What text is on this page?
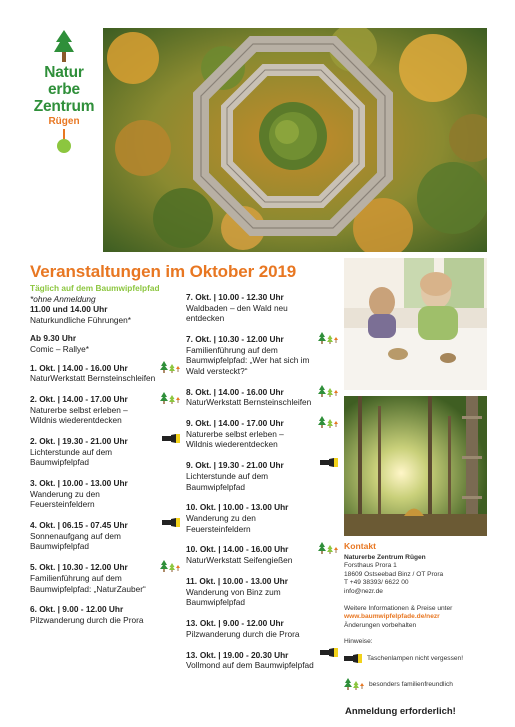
Natur
erbe
Zentrum
Rügen
Veranstaltungen im Oktober 2019

Täglich auf dem Baumwipfelpfad

*ohne Anmeldung

11.00 und 14.00 Uhr

Naturkundliche Führungen*

Ab 9.30 Uhr

Comic – Rallye*

1. Okt. | 14.00 - 16.00 Uhr
NaturWerkstatt Bernsteinschleifen
2. Okt. | 14.00 - 17.00 Uhr
Naturerbe selbst erleben –
Wildnis wiederentdecken
2. Okt. | 19.30 - 21.00 Uhr
Lichterstunde auf dem
Baumwipfelpfad
3. Okt. | 10.00 - 13.00 Uhr
Wanderung zu den
Feuersteinfeldern
4. Okt. | 06.15 - 07.45 Uhr
Sonnenaufgang auf dem
Baumwipfelpfad
5. Okt. | 10.30 - 12.00 Uhr
Familienführung auf dem
Baumwipfelpfad: „NaturZauber“
6. Okt. | 9.00 - 12.00 Uhr
Pilzwanderung durch die Prora
7. Okt. | 10.00 - 12.30 Uhr
Waldbaden – den Wald neu
entdecken
7. Okt. | 10.30 - 12.00 Uhr
Familienführung auf dem
Baumwipfelpfad: „Wer hat sich im
Wald versteckt?“
8. Okt. | 14.00 - 16.00 Uhr
NaturWerkstatt Bernsteinschleifen
9. Okt. | 14.00 - 17.00 Uhr
Naturerbe selbst erleben –
Wildnis wiederentdecken
9. Okt. | 19.30 - 21.00 Uhr
Lichterstunde auf dem
Baumwipfelpfad
10. Okt. | 10.00 - 13.00 Uhr
Wanderung zu den
Feuersteinfeldern
10. Okt. | 14.00 - 16.00 Uhr
NaturWerkstatt Seifengießen
11. Okt. | 10.00 - 13.00 Uhr
Wanderung von Binz zum
Baumwipfelpfad
13. Okt. | 9.00 - 12.00 Uhr
Pilzwanderung durch die Prora
13. Okt. | 19.00 - 20.30 Uhr
Vollmond auf dem Baumwipfelpfad
Kontakt
Naturerbe Zentrum Rügen
Forsthaus Prora 1
18609 Ostseebad Binz / OT Prora
T +49 38393/ 6622 00
info@nezr.de
Weitere Informationen & Preise unter
www.baumwipfelpfade.de/nezr
Änderungen vorbehalten
Hinweise:
Taschenlampen nicht vergessen!
besonders familienfreundlich
Anmeldung erforderlich!
